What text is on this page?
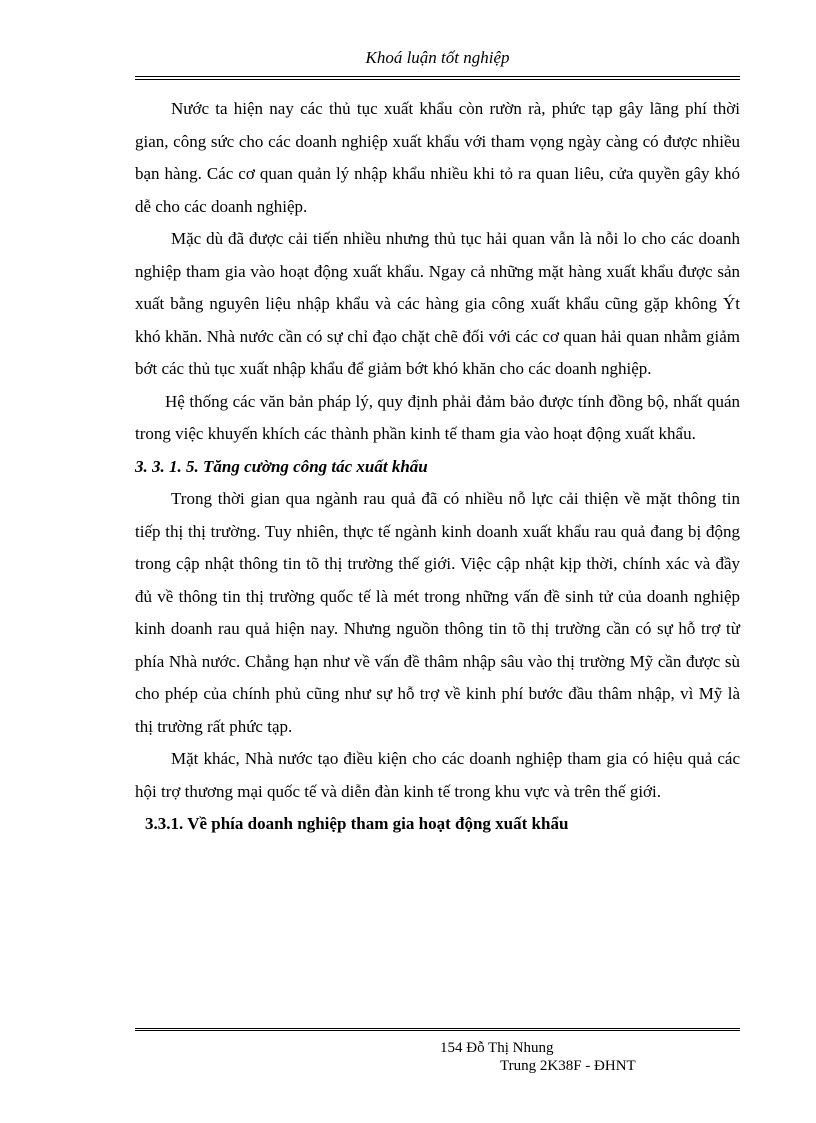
Khoá luận tốt nghiệp

Nước ta hiện nay các thủ tục xuất khẩu còn rườn rà, phức tạp gây lãng phí thời gian, công sức cho các doanh nghiệp xuất khẩu với tham vọng ngày càng có được nhiều bạn hàng. Các cơ quan quản lý nhập khẩu nhiều khi tỏ ra quan liêu, cửa quyền gây khó dễ cho các doanh nghiệp.

Mặc dù đã được cải tiến nhiều nhưng thủ tục hải quan vẫn là nỗi lo cho các doanh nghiệp tham gia vào hoạt động xuất khẩu. Ngay cả những mặt hàng xuất khẩu được sản xuất bằng nguyên liệu nhập khẩu và các hàng gia công xuất khẩu cũng gặp không Ýt khó khăn. Nhà nước cần có sự chỉ đạo chặt chẽ đối với các cơ quan hải quan nhằm giảm bớt các thủ tục xuất nhập khẩu để giảm bớt khó khăn cho các doanh nghiệp.

Hệ thống các văn bản pháp lý, quy định phải đảm bảo được tính đồng bộ, nhất quán trong việc khuyến khích các thành phần kinh tế tham gia vào hoạt động xuất khẩu.

3. 3. 1. 5. Tăng cường công tác xuất khẩu

Trong thời gian qua ngành rau quả đã có nhiều nỗ lực cải thiện về mặt thông tin tiếp thị thị trường. Tuy nhiên, thực tế ngành kinh doanh xuất khẩu rau quả đang bị động trong cập nhật thông tin tõ thị trường thế giới. Việc cập nhật kịp thời, chính xác và đầy đủ về thông tin thị trường quốc tế là mét trong những vấn đề sinh tử của doanh nghiệp kinh doanh rau quả hiện nay. Nhưng nguồn thông tin tõ thị trường cần có sự hỗ trợ từ phía Nhà nước. Chẳng hạn như về vấn đề thâm nhập sâu vào thị trường Mỹ cần được sù cho phép của chính phủ cũng như sự hỗ trợ về kinh phí bước đầu thâm nhập, vì Mỹ là thị trường rất phức tạp.

Mặt khác, Nhà nước tạo điều kiện cho các doanh nghiệp tham gia có hiệu quả các hội trợ thương mại quốc tế và diễn đàn kinh tế trong khu vực và trên thế giới.

3.3.1. Về phía doanh nghiệp tham gia hoạt động xuất khẩu

154 Đỗ Thị Nhung
Trung 2K38F - ĐHNT
